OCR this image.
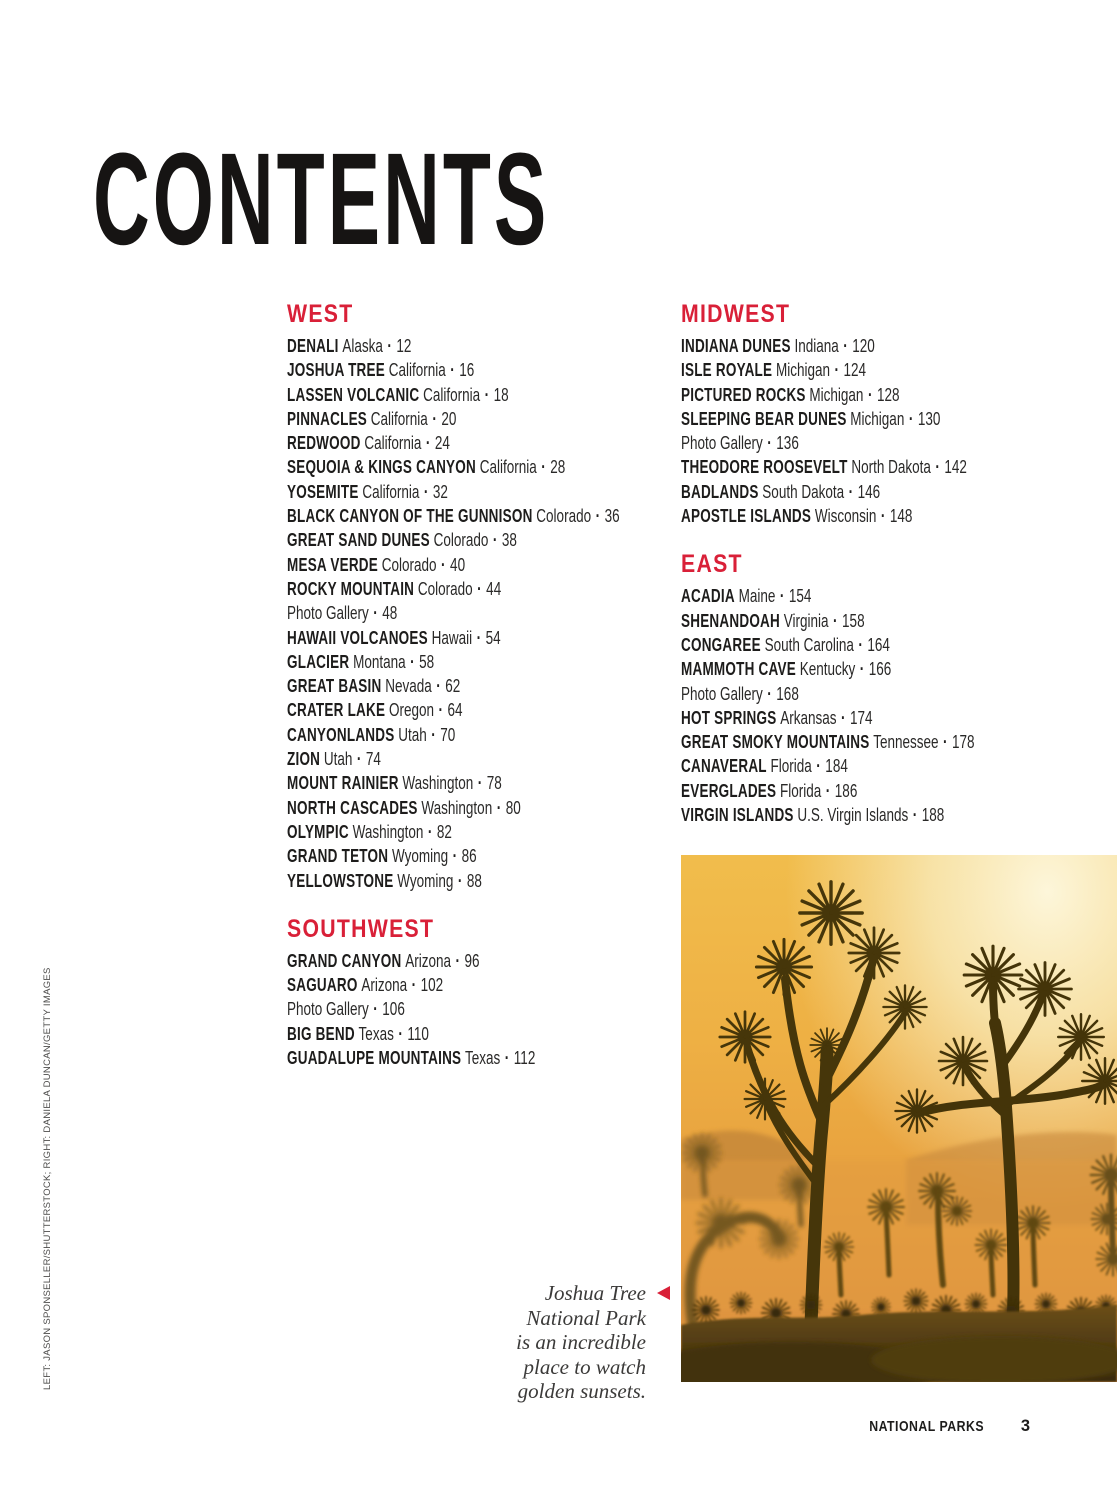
CONTENTS
WEST
DENALI Alaska · 12
JOSHUA TREE California · 16
LASSEN VOLCANIC California · 18
PINNACLES California · 20
REDWOOD California · 24
SEQUOIA & KINGS CANYON California · 28
YOSEMITE California · 32
BLACK CANYON OF THE GUNNISON Colorado · 36
GREAT SAND DUNES Colorado · 38
MESA VERDE Colorado · 40
ROCKY MOUNTAIN Colorado · 44
Photo Gallery · 48
HAWAII VOLCANOES Hawaii · 54
GLACIER Montana · 58
GREAT BASIN Nevada · 62
CRATER LAKE Oregon · 64
CANYONLANDS Utah · 70
ZION Utah · 74
MOUNT RAINIER Washington · 78
NORTH CASCADES Washington · 80
OLYMPIC Washington · 82
GRAND TETON Wyoming · 86
YELLOWSTONE Wyoming · 88
SOUTHWEST
GRAND CANYON Arizona · 96
SAGUARO Arizona · 102
Photo Gallery · 106
BIG BEND Texas · 110
GUADALUPE MOUNTAINS Texas · 112
MIDWEST
INDIANA DUNES Indiana · 120
ISLE ROYALE Michigan · 124
PICTURED ROCKS Michigan · 128
SLEEPING BEAR DUNES Michigan · 130
Photo Gallery · 136
THEODORE ROOSEVELT North Dakota · 142
BADLANDS South Dakota · 146
APOSTLE ISLANDS Wisconsin · 148
EAST
ACADIA Maine · 154
SHENANDOAH Virginia · 158
CONGAREE South Carolina · 164
MAMMOTH CAVE Kentucky · 166
Photo Gallery · 168
HOT SPRINGS Arkansas · 174
GREAT SMOKY MOUNTAINS Tennessee · 178
CANAVERAL Florida · 184
EVERGLADES Florida · 186
VIRGIN ISLANDS U.S. Virgin Islands · 188
Joshua Tree
National Park
is an incredible
place to watch
golden sunsets.
LEFT: JASON SPONSELLER/SHUTTERSTOCK; RIGHT: DANIELA DUNCAN/GETTY IMAGES
NATIONAL PARKS 3
